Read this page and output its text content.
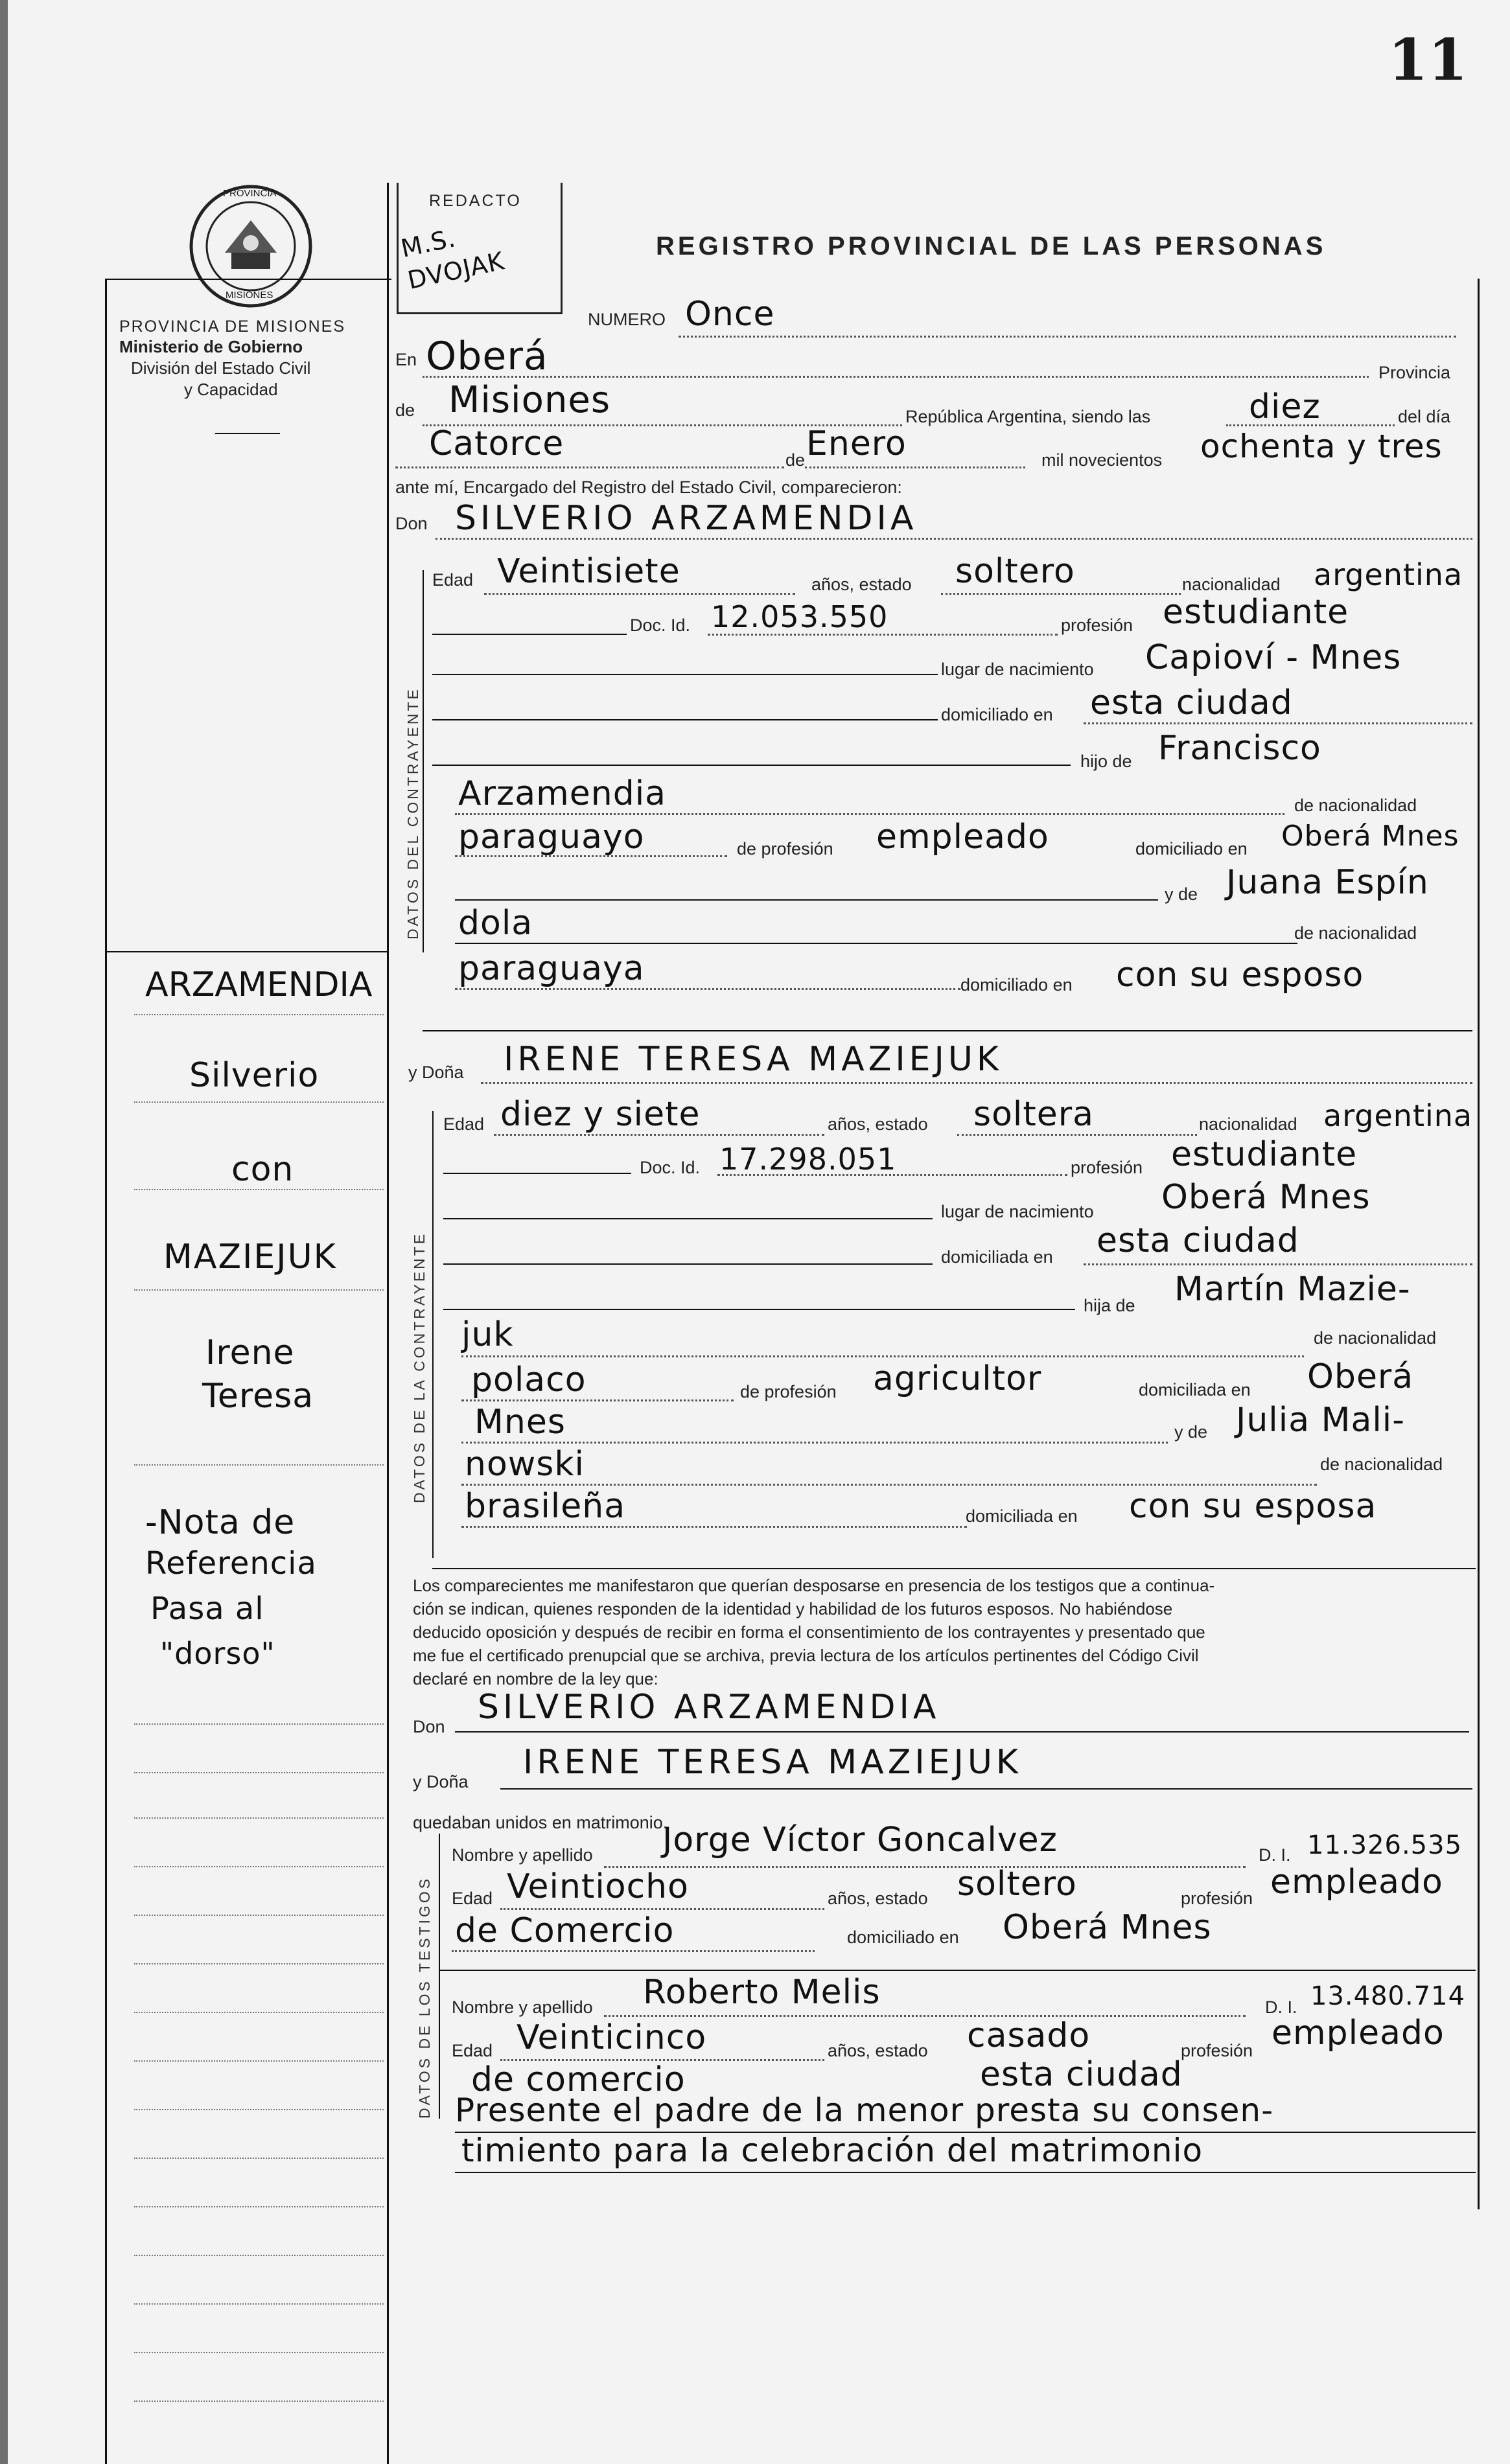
11
PROVINCIA
MISIONES
PROVINCIA DE MISIONES
Ministerio de Gobierno
División del Estado Civil
y Capacidad
REDACTO
M.S. DVOJAK
REGISTRO PROVINCIAL DE LAS PERSONAS
NUMERO Once
En Oberá	Provincia
de Misiones	República Argentina, siendo las	diez	del día
Catorce	de Enero	mil novecientos ochenta y tres
ante mí, Encargado del Registro del Estado Civil, comparecieron:
Don SILVERIO ARZAMENDIA
DATOS DEL CONTRAYENTE
Edad Veintisiete	años, estado soltero	nacionalidad argentina
Doc. Id. 12.053.550	profesión estudiante
lugar de nacimiento Capioví - Mnes
domiciliado en esta ciudad
hijo de Francisco
Arzamendia	de nacionalidad
paraguayo	de profesión empleado	domiciliado en Oberá Mnes
y de Juana Espín
dola	de nacionalidad
paraguaya	domiciliado en con su esposo
y Doña IRENE TERESA MAZIEJUK
DATOS DE LA CONTRAYENTE
Edad diez y siete	años, estado soltera	nacionalidad argentina
Doc. Id. 17.298.051	profesión estudiante
lugar de nacimiento Oberá Mnes
domiciliada en esta ciudad
hija de Martín Mazie-
juk	de nacionalidad
polaco	de profesión agricultor	domiciliada en Oberá
Mnes	y de Julia Mali-
nowski	de nacionalidad
brasileña	domiciliada en con su esposa
Los comparecientes me manifestaron que querían desposarse en presencia de los testigos que a continua-
ción se indican, quienes responden de la identidad y habilidad de los futuros esposos. No habiéndose
deducido oposición y después de recibir en forma el consentimiento de los contrayentes y presentado que
me fue el certificado prenupcial que se archiva, previa lectura de los artículos pertinentes del Código Civil
declaré en nombre de la ley que:
Don SILVERIO ARZAMENDIA
y Doña IRENE TERESA MAZIEJUK
quedaban unidos en matrimonio.
DATOS DE LOS TESTIGOS
Nombre y apellido Jorge Víctor Goncalvez	D. I. 11.326.535
Edad Veintiocho	años, estado soltero	profesión empleado
de Comercio	domiciliado en Oberá Mnes
Nombre y apellido Roberto Melis	D. I. 13.480.714
Edad Veinticinco	años, estado casado	profesión empleado
de comercio	esta ciudad
Presente el padre de la menor presta su consen-
timiento para la celebración del matrimonio
ARZAMENDIA
Silverio
con
MAZIEJUK
Irene
Teresa
-Nota de
Referencia
Pasa al
"dorso"
